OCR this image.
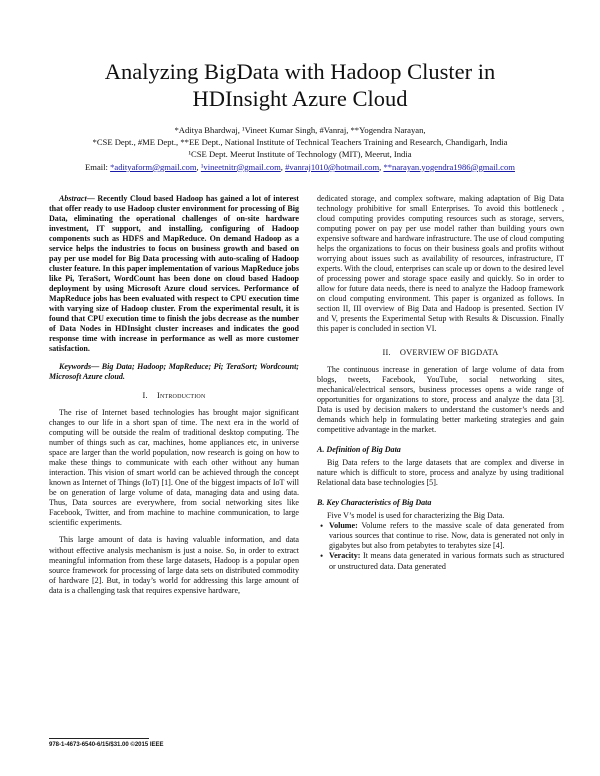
Analyzing BigData with Hadoop Cluster in
HDInsight Azure Cloud
*Aditya Bhardwaj, ¹Vineet Kumar Singh, #Vanraj, **Yogendra Narayan,
*CSE Dept., #ME Dept., **EE Dept., National Institute of Technical Teachers Training and Research, Chandigarh, India
¹CSE Dept. Meerut Institute of Technology (MIT), Meerut, India
Email: *adityaform@gmail.com, ¹vineetnitr@gmail.com, #vanraj1010@hotmail.com, **narayan.yogendra1986@gmail.com

Abstract— Recently Cloud based Hadoop has gained a lot of interest that offer ready to use Hadoop cluster environment for processing of Big Data, eliminating the operational challenges of on-site hardware investment, IT support, and installing, configuring of Hadoop components such as HDFS and MapReduce. On demand Hadoop as a service helps the industries to focus on business growth and based on pay per use model for Big Data processing with auto-scaling of Hadoop cluster feature. In this paper implementation of various MapReduce jobs like Pi, TeraSort, WordCount has been done on cloud based Hadoop deployment by using Microsoft Azure cloud services. Performance of MapReduce jobs has been evaluated with respect to CPU execution time with varying size of Hadoop cluster. From the experimental result, it is found that CPU execution time to finish the jobs decrease as the number of Data Nodes in HDInsight cluster increases and indicates the good response time with increase in performance as well as more customer satisfaction.

Keywords— Big Data; Hadoop; MapReduce; Pi; TeraSort; Wordcount; Microsoft Azure cloud.

I. Introduction

The rise of Internet based technologies has brought major significant changes to our life in a short span of time. The next era in the world of computing will be outside the realm of traditional desktop computing. The number of things such as car, machines, home appliances etc, in universe space are larger than the world population, now research is going on how to make these things to communicate with each other without any human interaction. This vision of smart world can be achieved through the concept known as Internet of Things (IoT) [1]. One of the biggest impacts of IoT will be on generation of large volume of data, managing data and using data. Thus, Data sources are everywhere, from social networking sites like Facebook, Twitter, and from machine to machine communication, to large scientific experiments.

This large amount of data is having valuable information, and data without effective analysis mechanism is just a noise. So, in order to extract meaningful information from these large datasets, Hadoop is a popular open source framework for processing of large data sets on distributed commodity of hardware [2]. But, in today’s world for addressing this large amount of data is a challenging task that requires expensive hardware,

dedicated storage, and complex software, making adaptation of Big Data technology prohibitive for small Enterprises. To avoid this bottleneck , cloud computing provides computing resources such as storage, servers, computing power on pay per use model rather than building yours own expensive software and hardware infrastructure. The use of cloud computing helps the organizations to focus on their business goals and profits without worrying about issues such as availability of resources, infrastructure, IT experts. With the cloud, enterprises can scale up or down to the desired level of processing power and storage space easily and quickly. So in order to allow for future data needs, there is need to analyze the Hadoop framework on cloud computing environment. This paper is organized as follows. In section II, III overview of Big Data and Hadoop is presented. Section IV and V, presents the Experimental Setup with Results & Discussion. Finally this paper is concluded in section VI.

II. OVERVIEW OF BIGDATA

The continuous increase in generation of large volume of data from blogs, tweets, Facebook, YouTube, social networking sites, mechanical/electrical sensors, business processes opens a wide range of opportunities for organizations to store, process and analyze the data [3]. Data is used by decision makers to understand the customer’s needs and demands which help in formulating better marketing strategies and gain competitive advantage in the market.

A. Definition of Big Data

Big Data refers to the large datasets that are complex and diverse in nature which is difficult to store, process and analyze by using traditional Relational data base technologies [5].

B. Key Characteristics of Big Data

Five V’s model is used for characterizing the Big Data.

• Volume: Volume refers to the massive scale of data generated from various sources that continue to rise. Now, data is generated not only in gigabytes but also from petabytes to terabytes size [4].
• Veracity: It means data generated in various formats such as structured or unstructured data. Data generated
978-1-4673-6540-6/15/$31.00 ©2015 IEEE
